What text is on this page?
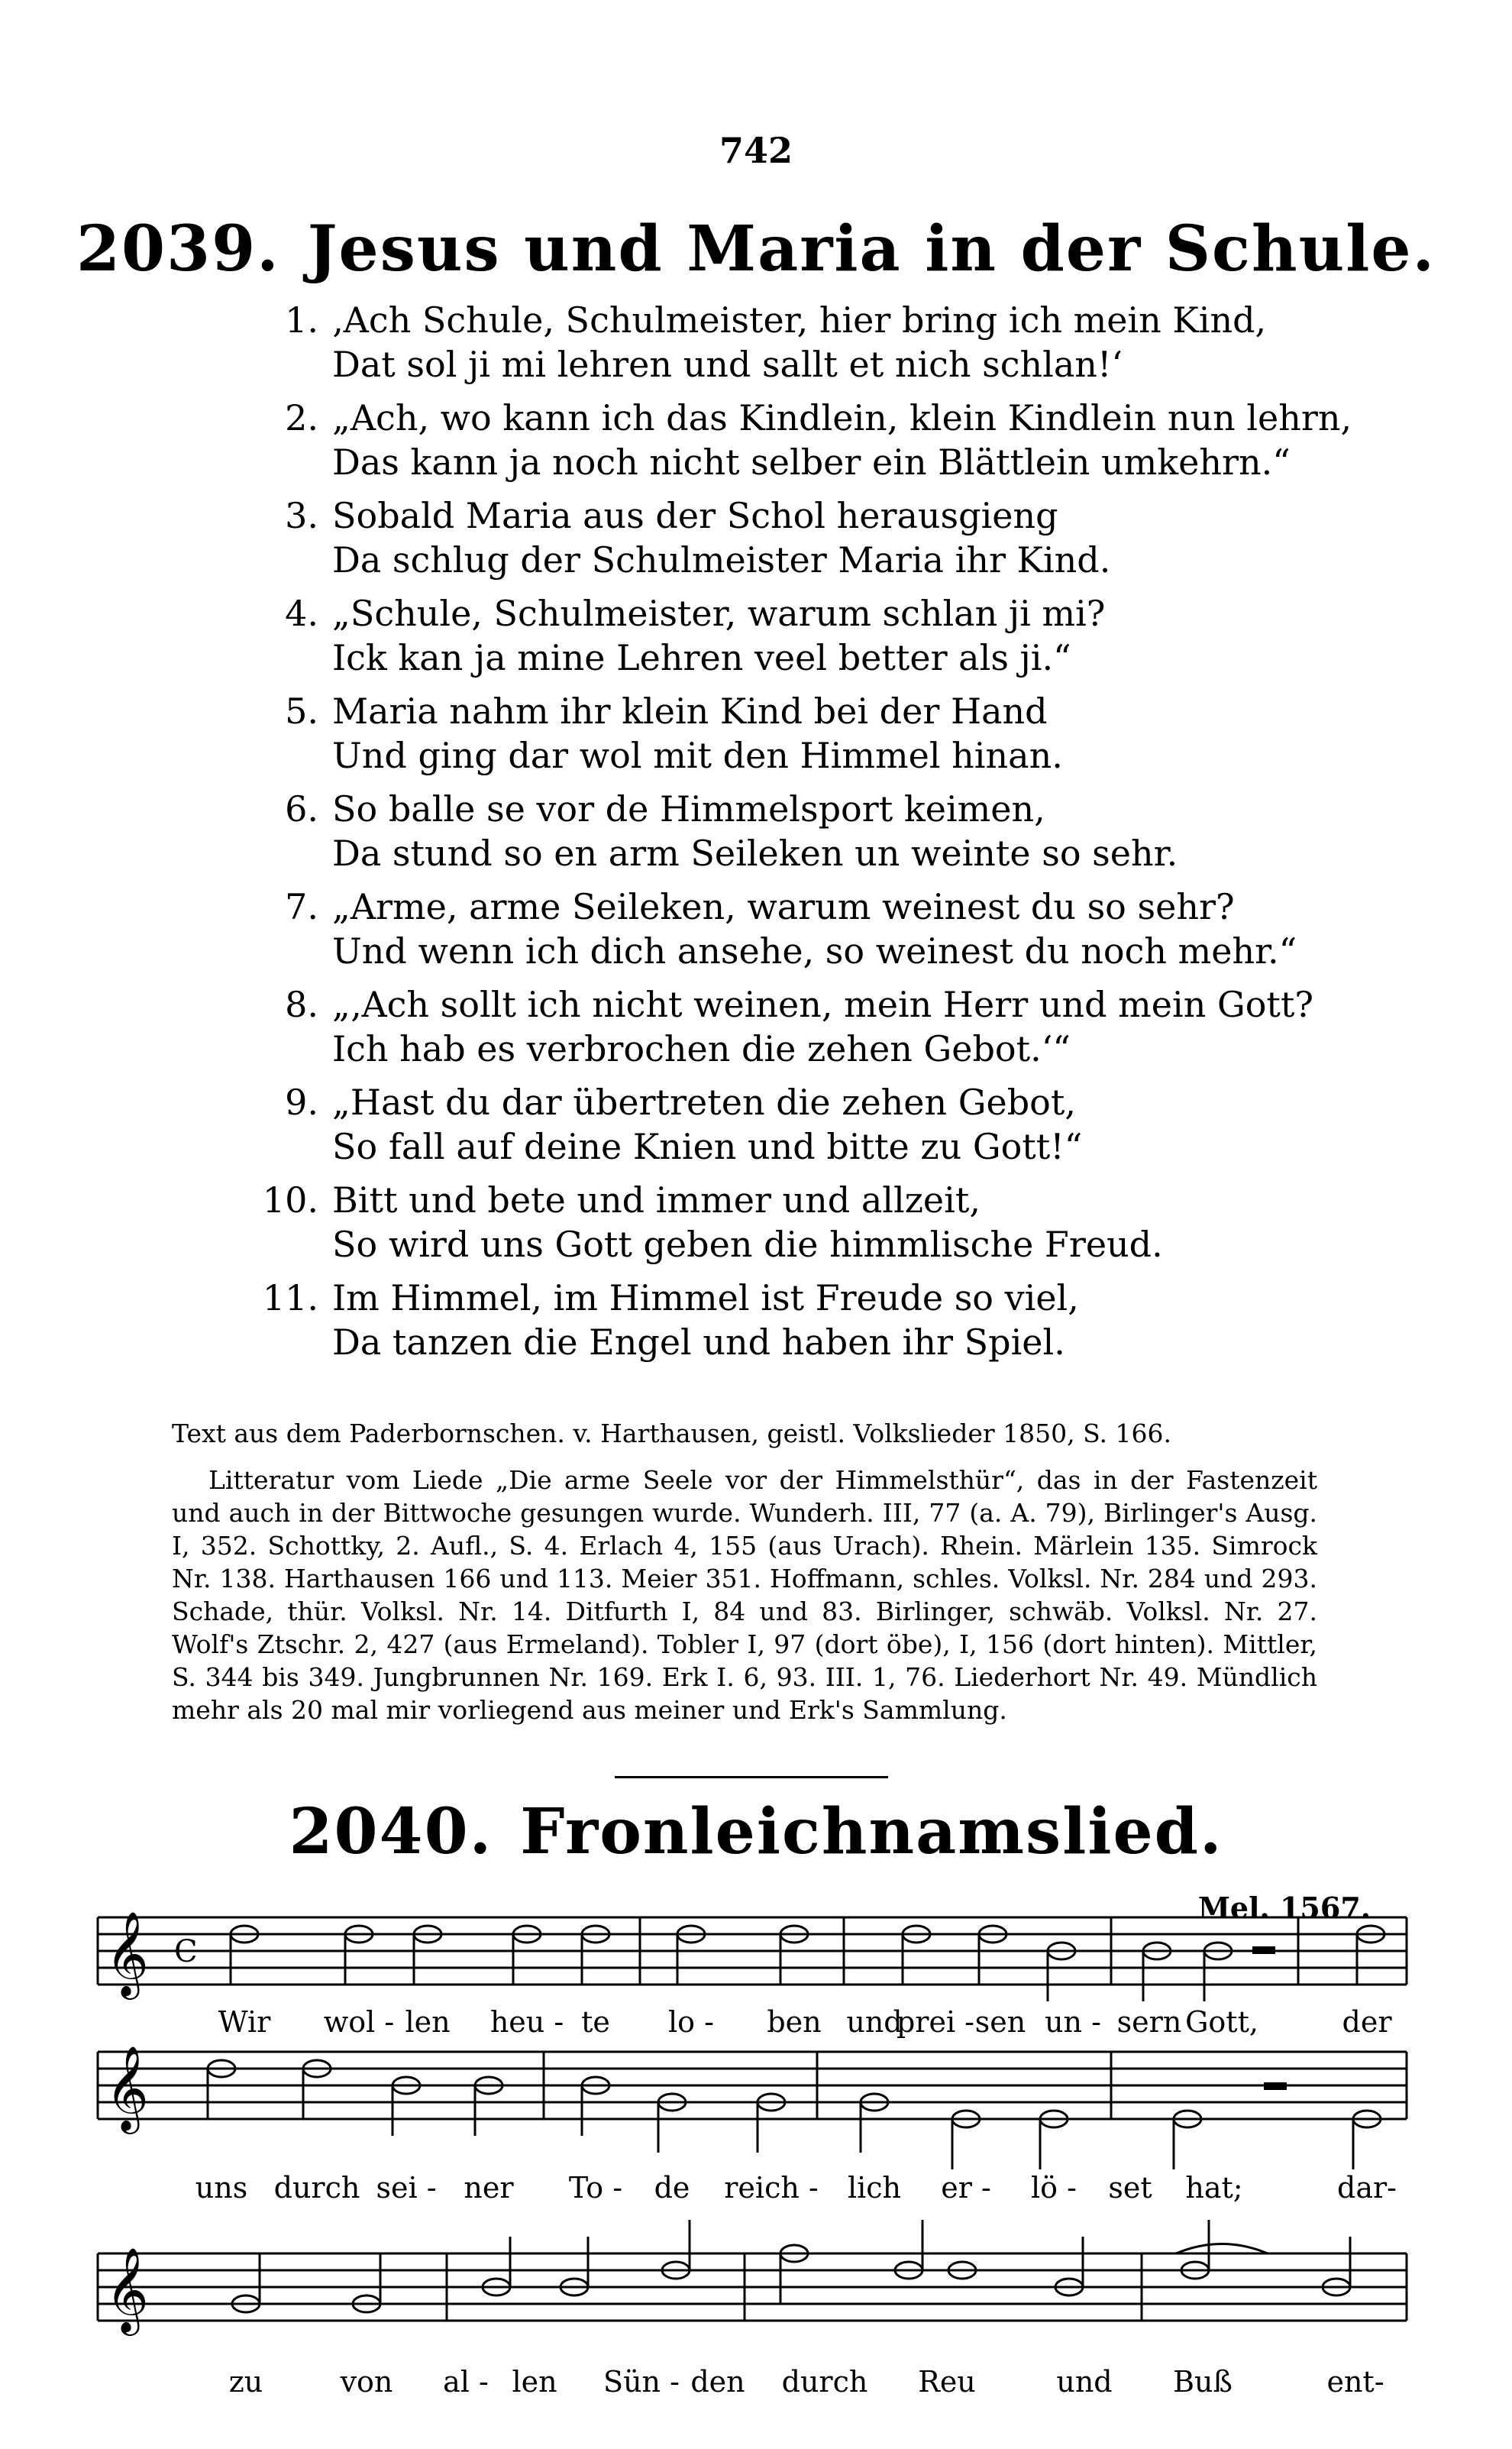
742
2039. Jesus und Maria in der Schule.
1. ‚Ach Schule, Schulmeister, hier bring ich mein Kind,
Dat sol ji mi lehren und sallt et nich schlan!‘
2. „Ach, wo kann ich das Kindlein, klein Kindlein nun lehrn,
Das kann ja noch nicht selber ein Blättlein umkehrn.“
3. Sobald Maria aus der Schol herausgieng
Da schlug der Schulmeister Maria ihr Kind.
4. „Schule, Schulmeister, warum schlan ji mi?
Ick kan ja mine Lehren veel better als ji.“
5. Maria nahm ihr klein Kind bei der Hand
Und ging dar wol mit den Himmel hinan.
6. So balle se vor de Himmelsport keimen,
Da stund so en arm Seileken un weinte so sehr.
7. „Arme, arme Seileken, warum weinest du so sehr?
Und wenn ich dich ansehe, so weinest du noch mehr.“
8. „‚Ach sollt ich nicht weinen, mein Herr und mein Gott?
Ich hab es verbrochen die zehen Gebot.‘“
9. „Hast du dar übertreten die zehen Gebot,
So fall auf deine Knien und bitte zu Gott!“
10. Bitt und bete und immer und allzeit,
So wird uns Gott geben die himmlische Freud.
11. Im Himmel, im Himmel ist Freude so viel,
Da tanzen die Engel und haben ihr Spiel.

Text aus dem Paderbornschen. v. Harthausen, geistl. Volkslieder 1850, S. 166.

Litteratur vom Liede „Die arme Seele vor der Himmelsthür“, das in der Fastenzeit und auch in der Bittwoche gesungen wurde. Wunderh. III, 77 (a. A. 79), Birlinger's Ausg. I, 352. Schottky, 2. Aufl., S. 4. Erlach 4, 155 (aus Urach). Rhein. Märlein 135. Simrock Nr. 138. Harthausen 166 und 113. Meier 351. Hoffmann, schles. Volksl. Nr. 284 und 293. Schade, thür. Volksl. Nr. 14. Ditfurth I, 84 und 83. Birlinger, schwäb. Volksl. Nr. 27. Wolf's Ztschr. 2, 427 (aus Ermeland). Tobler I, 97 (dort öbe), I, 156 (dort hinten). Mittler, S. 344 bis 349. Jungbrunnen Nr. 169. Erk I. 6, 93. III. 1, 76. Liederhort Nr. 49. Mündlich mehr als 20 mal mir vorliegend aus meiner und Erk's Sammlung.

2040. Fronleichnamslied.
Mel. 1567.
𝄞 C
𝄞
𝄞
Wir wol - len heu - te lo - ben und
prei - sen un - sern Gott,	der
uns durch sei - ner To - de reich - lich er - lö - set hat;	dar-
zu	von al - len Sün - den durch Reu	und Buß	ent-
